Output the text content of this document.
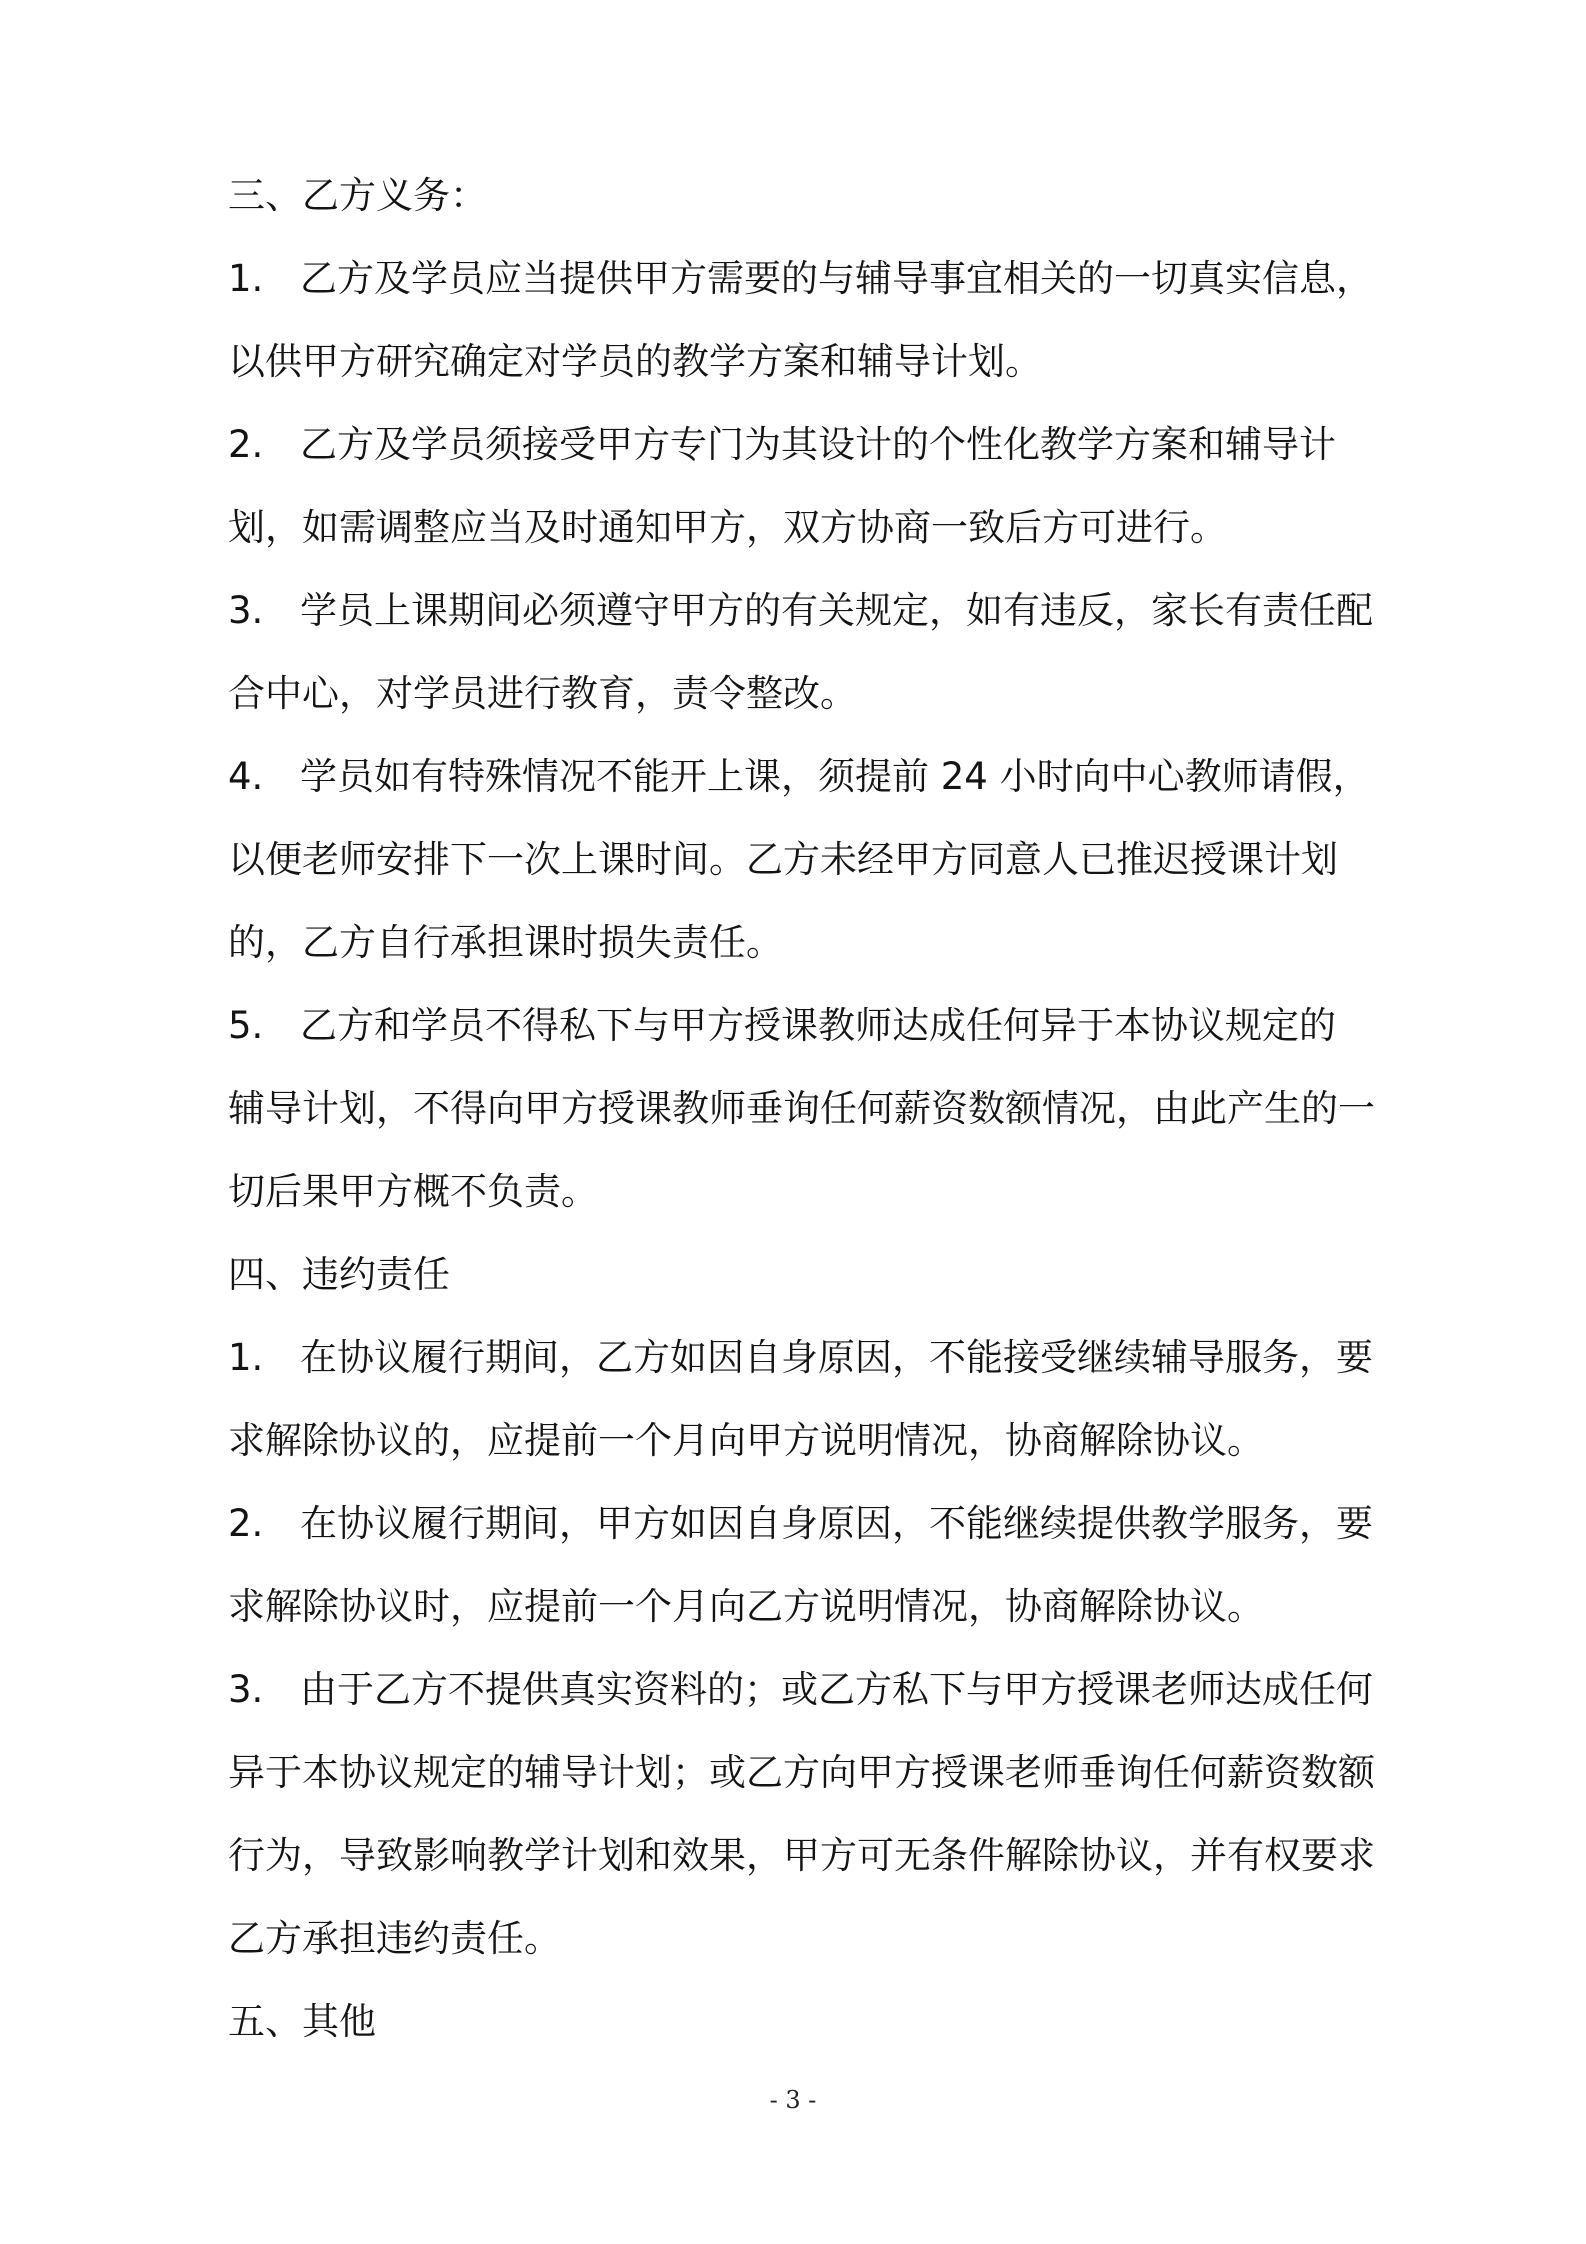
三、乙方义务：
1. 乙方及学员应当提供甲方需要的与辅导事宜相关的一切真实信息，
以供甲方研究确定对学员的教学方案和辅导计划。
2. 乙方及学员须接受甲方专门为其设计的个性化教学方案和辅导计
划，如需调整应当及时通知甲方，双方协商一致后方可进行。
3. 学员上课期间必须遵守甲方的有关规定，如有违反，家长有责任配
合中心，对学员进行教育，责令整改。
4. 学员如有特殊情况不能开上课，须提前 24 小时向中心教师请假，
以便老师安排下一次上课时间。乙方未经甲方同意人已推迟授课计划
的，乙方自行承担课时损失责任。
5. 乙方和学员不得私下与甲方授课教师达成任何异于本协议规定的
辅导计划，不得向甲方授课教师垂询任何薪资数额情况，由此产生的一
切后果甲方概不负责。
四、违约责任
1. 在协议履行期间，乙方如因自身原因，不能接受继续辅导服务，要
求解除协议的，应提前一个月向甲方说明情况，协商解除协议。
2. 在协议履行期间，甲方如因自身原因，不能继续提供教学服务，要
求解除协议时，应提前一个月向乙方说明情况，协商解除协议。
3. 由于乙方不提供真实资料的；或乙方私下与甲方授课老师达成任何
异于本协议规定的辅导计划；或乙方向甲方授课老师垂询任何薪资数额
行为，导致影响教学计划和效果，甲方可无条件解除协议，并有权要求
乙方承担违约责任。
五、其他
- 3 -
